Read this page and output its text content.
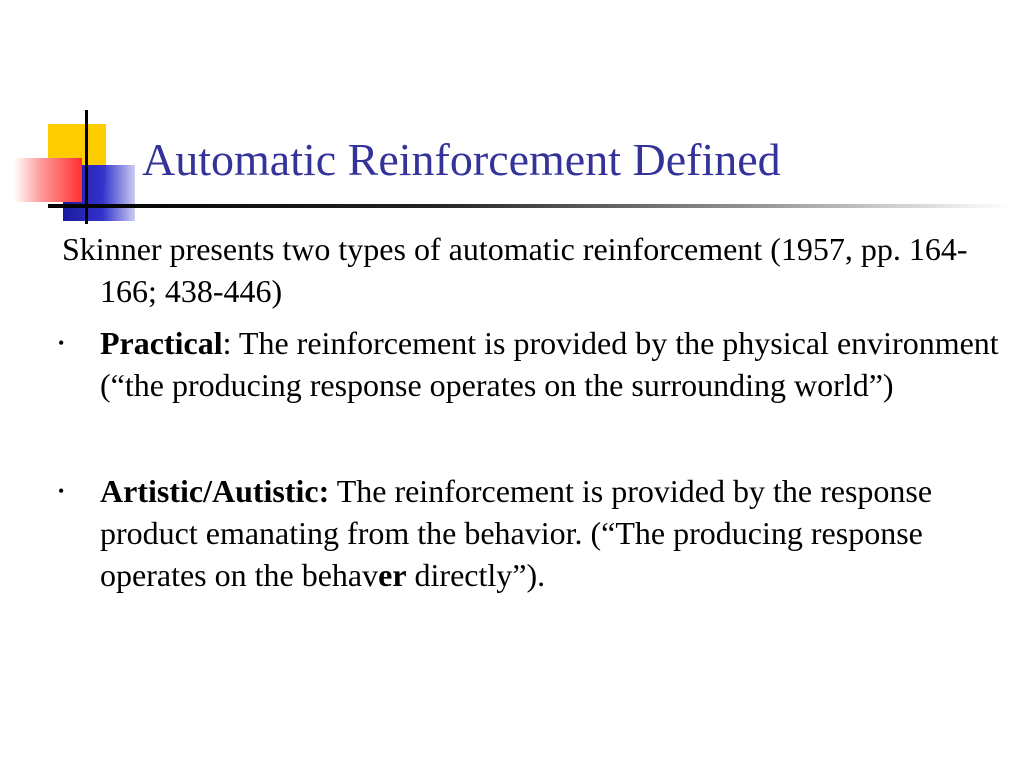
Automatic Reinforcement Defined

Skinner presents two types of automatic reinforcement (1957, pp. 164-166; 438-446)

• Practical: The reinforcement is provided by the physical environment (“the producing response operates on the surrounding world”)
• Artistic/Autistic: The reinforcement is provided by the response product emanating from the behavior. (“The producing response operates on the behaver directly”).
